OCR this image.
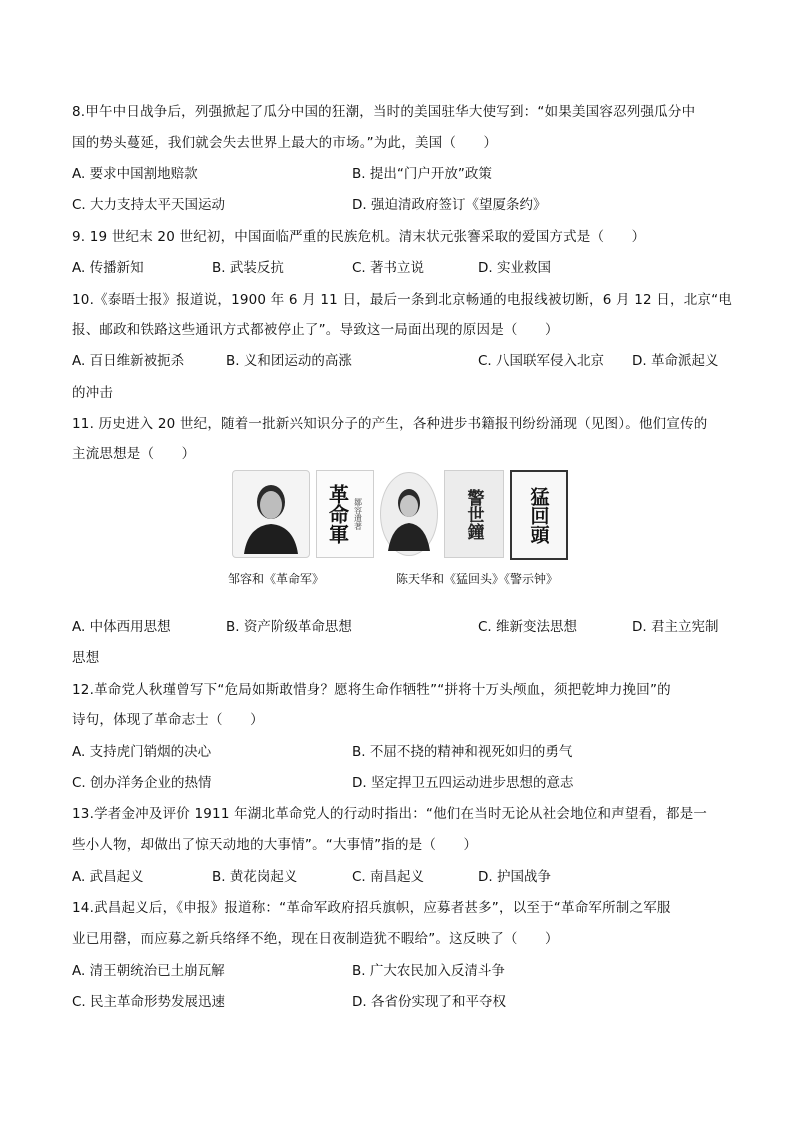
8.甲午中日战争后，列强掀起了瓜分中国的狂潮，当时的美国驻华大使写到：“如果美国容忍列强瓜分中
国的势头蔓延，我们就会失去世界上最大的市场。”为此，美国（　　）
A. 要求中国割地赔款	B. 提出“门户开放”政策
C. 大力支持太平天国运动	D. 强迫清政府签订《望厦条约》
9. 19 世纪末 20 世纪初，中国面临严重的民族危机。清末状元张謇采取的爱国方式是（　　）
A. 传播新知	B. 武装反抗	C. 著书立说	D. 实业救国
10.《泰晤士报》报道说，1900 年 6 月 11 日，最后一条到北京畅通的电报线被切断，6 月 12 日，北京“电
报、邮政和铁路这些通讯方式都被停止了”。导致这一局面出现的原因是（　　）
A. 百日维新被扼杀	B. 义和团运动的高涨	C. 八国联军侵入北京 D. 革命派起义
的冲击
11. 历史进入 20 世纪，随着一批新兴知识分子的产生，各种进步书籍报刊纷纷涌现（见图）。他们宣传的
主流思想是（　　）
革命軍 鄒容遺著	警世鐘 猛回頭
邹容和《革命军》	陈天华和《猛回头》《警示钟》
A. 中体西用思想	B. 资产阶级革命思想	C. 维新变法思想	D. 君主立宪制
思想
12.革命党人秋瑾曾写下“危局如斯敢惜身？愿将生命作牺牲”“拼将十万头颅血，须把乾坤力挽回”的
诗句，体现了革命志士（　　）
A. 支持虎门销烟的决心	B. 不屈不挠的精神和视死如归的勇气
C. 创办洋务企业的热情	D. 坚定捍卫五四运动进步思想的意志
13.学者金冲及评价 1911 年湖北革命党人的行动时指出：“他们在当时无论从社会地位和声望看，都是一
些小人物，却做出了惊天动地的大事情”。“大事情”指的是（　　）
A. 武昌起义	B. 黄花岗起义	C. 南昌起义	D. 护国战争
14.武昌起义后，《申报》报道称：“革命军政府招兵旗帜，应募者甚多”，以至于“革命军所制之军服
业已用罄，而应募之新兵络绎不绝，现在日夜制造犹不暇给”。这反映了（　　）
A. 清王朝统治已土崩瓦解	B. 广大农民加入反清斗争
C. 民主革命形势发展迅速	D. 各省份实现了和平夺权
